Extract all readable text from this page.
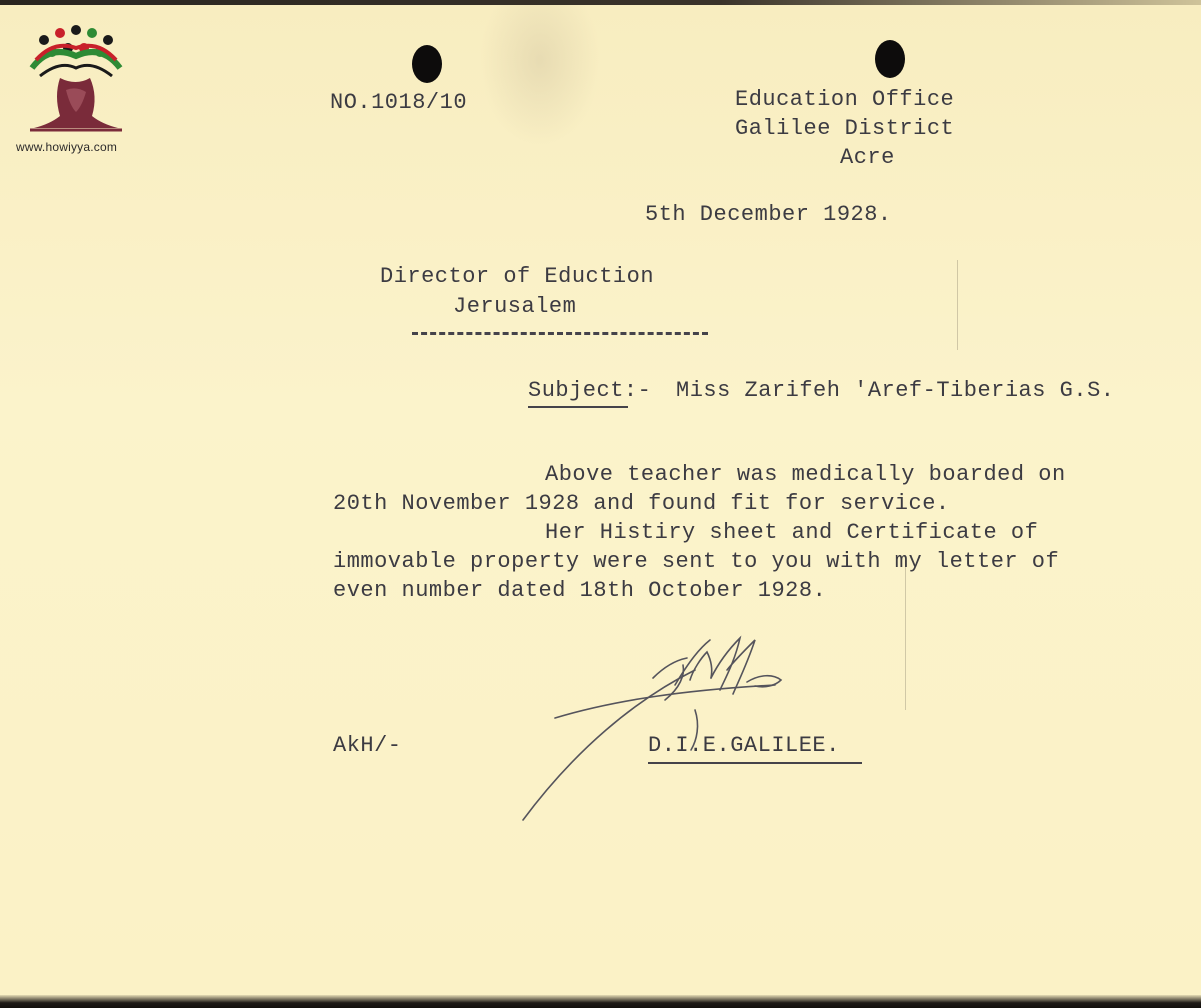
www.howiyya.com
NO.1018/10	Education Office
Galilee District
Acre
5th December 1928.
Director of Eduction
Jerusalem
Subject:- Miss Zarifeh 'Aref-Tiberias G.S.
Above teacher was medically boarded on
20th November 1928 and found fit for service.
Her Histiry sheet and Certificate of
immovable property were sent to you with my letter of
even number dated 18th October 1928.
AkH/-	D.I.E.GALILEE.
